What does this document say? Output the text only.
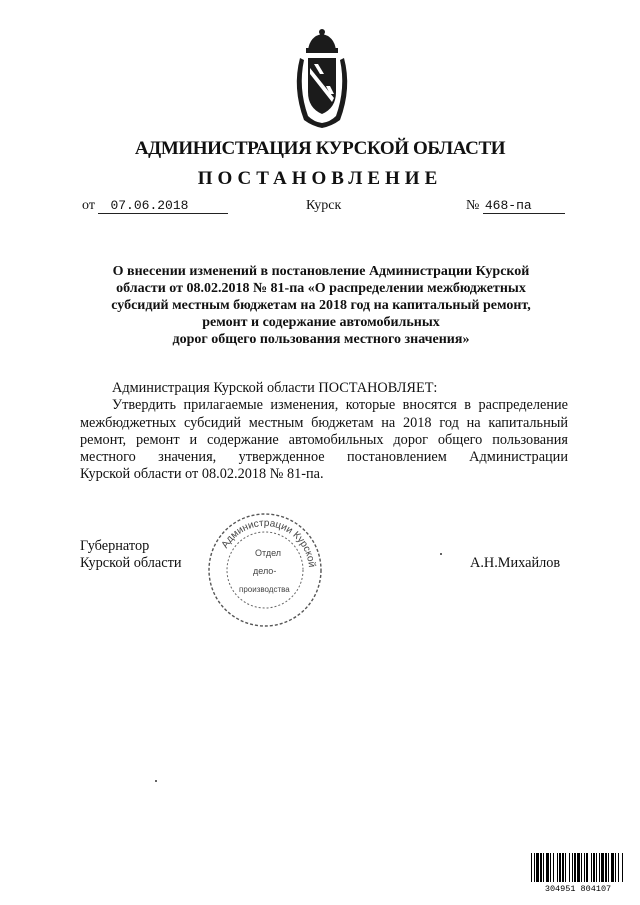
АДМИНИСТРАЦИЯ КУРСКОЙ ОБЛАСТИ
ПОСТАНОВЛЕНИЕ
от 07.06.2018	Курск	№ 468-па
О внесении изменений в постановление Администрации Курской
области от 08.02.2018 № 81-па «О распределении межбюджетных
субсидий местным бюджетам на 2018 год на капитальный ремонт,
ремонт и содержание автомобильных
дорог общего пользования местного значения»

Администрация Курской области ПОСТАНОВЛЯЕТ:

Утвердить прилагаемые изменения, которые вносятся в распределение

межбюджетных субсидий местным бюджетам на 2018 год на капитальный

ремонт, ремонт и содержание автомобильных дорог общего пользования

местного значения, утвержденное постановлением Администрации

Курской области от 08.02.2018 № 81-па.

Губернатор
Курской области	А.Н.Михайлов
Администрации Курской
Отдел
дело-
производства
304951 804107
